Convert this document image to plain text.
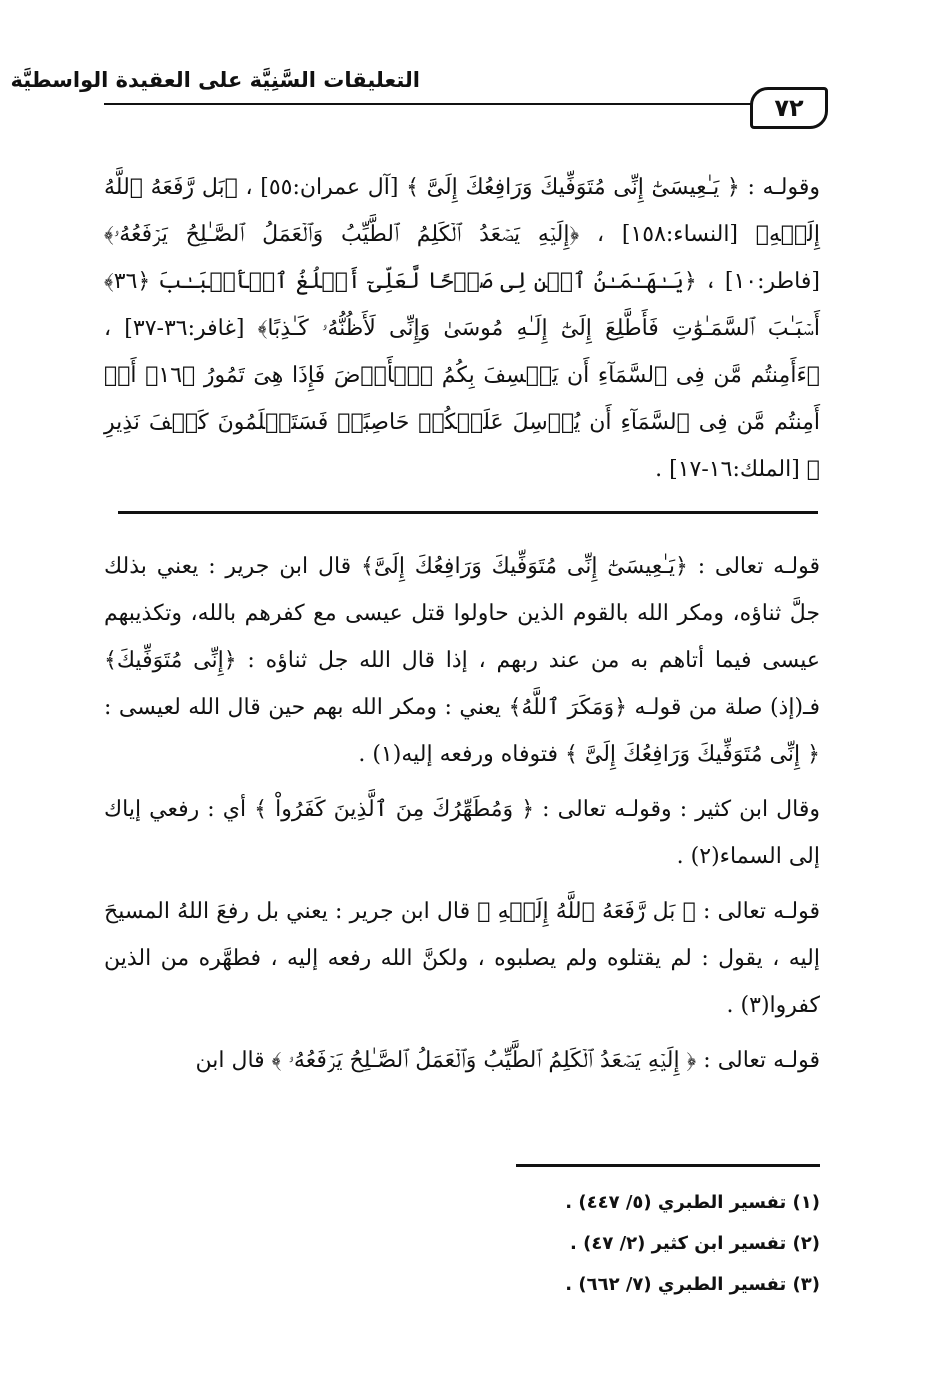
التعليقات السَّنِيَّة على العقيدة الواسطيَّة
٧٢

وقولـه : ﴿ يَـٰعِيسَىٰٓ إِنِّى مُتَوَفِّيكَ وَرَافِعُكَ إِلَىَّ ﴾ [آل عمران:٥٥] ، ﴿بَل رَّفَعَهُ ٱللَّهُ إِلَيۡهِ﴾ [النساء:١٥٨] ، ﴿إِلَيۡهِ يَصۡعَدُ ٱلۡكَلِمُ ٱلطَّيِّبُ وَٱلۡعَمَلُ ٱلصَّـٰلِحُ يَرۡفَعُهُۥ﴾ [فاطر:١٠] ، ﴿يَـٰهَـٰمَـٰنُ ٱبۡنِ لِى صَرۡحًا لَّعَلِّىٓ أَبۡلُغُ ٱلۡأَسۡبَـٰبَ ﴿٣٦﴾ أَسۡبَـٰبَ ٱلسَّمَـٰوَٰتِ فَأَطَّلِعَ إِلَىٰٓ إِلَـٰهِ مُوسَىٰ وَإِنِّى لَأَظُنُّهُۥ كَـٰذِبًا﴾ [غافر:٣٦-٣٧] ، ﴿ءَأَمِنتُم مَّن فِى ٱلسَّمَآءِ أَن يَخۡسِفَ بِكُمُ ٱلۡأَرۡضَ فَإِذَا هِىَ تَمُورُ ﴿١٦﴾ أَمۡ أَمِنتُم مَّن فِى ٱلسَّمَآءِ أَن يُرۡسِلَ عَلَيۡكُمۡ حَاصِبًاۖ فَسَتَعۡلَمُونَ كَيۡفَ نَذِيرِ ﴾ [الملك:١٦-١٧] .

قولـه تعالى : ﴿يَـٰعِيسَىٰٓ إِنِّى مُتَوَفِّيكَ وَرَافِعُكَ إِلَىَّ﴾ قال ابن جرير : يعني بذلك جلَّ ثناؤه، ومكر الله بالقوم الذين حاولوا قتل عيسى مع كفرهم بالله، وتكذيبهم عيسى فيما أتاهم به من عند ربهم ، إذا قال الله جل ثناؤه : ﴿إِنِّى مُتَوَفِّيكَ﴾ فـ(إذ) صلة من قولـه ﴿وَمَكَرَ ٱللَّهُ﴾ يعني : ومكر الله بهم حين قال الله لعيسى : ﴿ إِنِّى مُتَوَفِّيكَ وَرَافِعُكَ إِلَىَّ ﴾ فتوفاه ورفعه إليه(١) .

وقال ابن كثير : وقولـه تعالى : ﴿ وَمُطَهِّرُكَ مِنَ ٱلَّذِينَ كَفَرُواْ ﴾ أي : رفعي إياك إلى السماء(٢) .

قولـه تعالى : ﴿ بَل رَّفَعَهُ ٱللَّهُ إِلَيۡهِ ﴾ قال ابن جرير : يعني بل رفعَ اللهُ المسيحَ إليه ، يقول : لم يقتلوه ولم يصلبوه ، ولكنَّ الله رفعه إليه ، فطهَّره من الذين كفروا(٣) .

قولـه تعالى : ﴿ إِلَيۡهِ يَصۡعَدُ ٱلۡكَلِمُ ٱلطَّيِّبُ وَٱلۡعَمَلُ ٱلصَّـٰلِحُ يَرۡفَعُهُۥ ﴾ قال ابن

(١) تفسير الطبري (٥/ ٤٤٧) .
(٢) تفسير ابن كثير (٢/ ٤٧) .
(٣) تفسير الطبري (٧/ ٦٦٢) .
